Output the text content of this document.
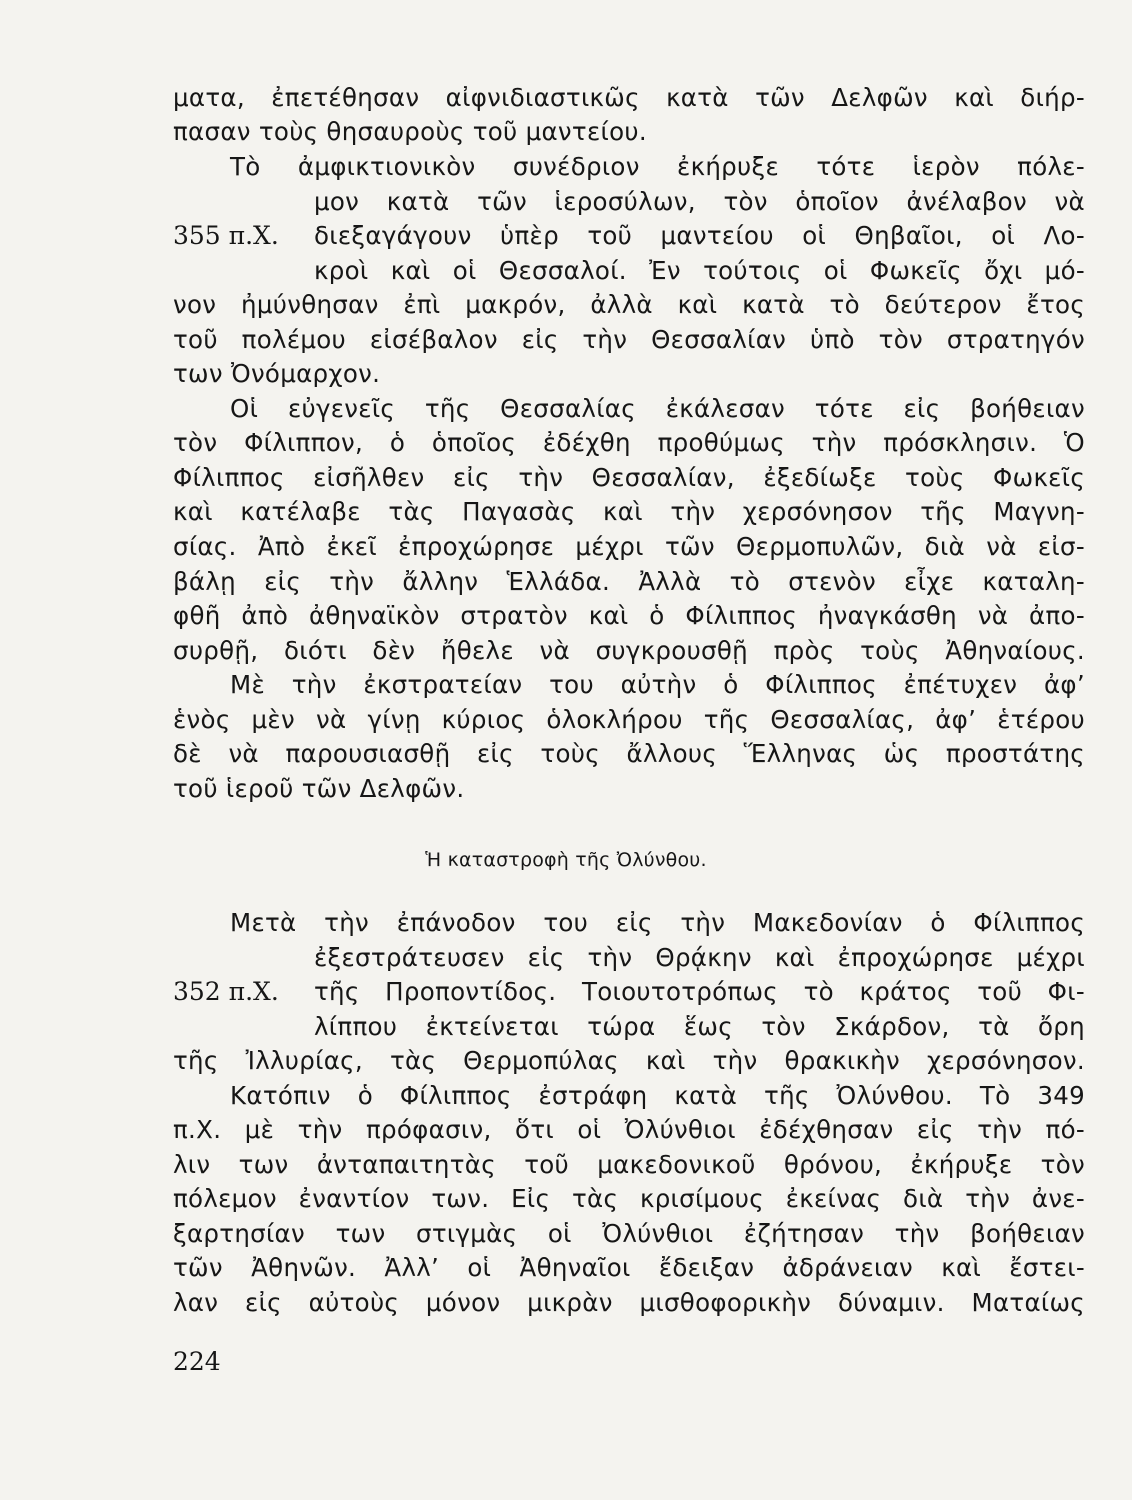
ματα, ἐπετέθησαν αἰφνιδιαστικῶς κατὰ τῶν Δελφῶν καὶ διήρ-
πασαν τοὺς θησαυροὺς τοῦ μαντείου.
Τὸ ἀμφικτιονικὸν συνέδριον ἐκήρυξε τότε ἱερὸν πόλε-
μον κατὰ τῶν ἱεροσύλων, τὸν ὁποῖον ἀνέλαβον νὰ
355 π.Χ. διεξαγάγουν ὑπὲρ τοῦ μαντείου οἱ Θηβαῖοι, οἱ Λο-
κροὶ καὶ οἱ Θεσσαλοί. Ἐν τούτοις οἱ Φωκεῖς ὄχι μό-
νον ἠμύνθησαν ἐπὶ μακρόν, ἀλλὰ καὶ κατὰ τὸ δεύτερον ἔτος
τοῦ πολέμου εἰσέβαλον εἰς τὴν Θεσσαλίαν ὑπὸ τὸν στρατηγόν
των Ὀνόμαρχον.
Οἱ εὐγενεῖς τῆς Θεσσαλίας ἐκάλεσαν τότε εἰς βοήθειαν
τὸν Φίλιππον, ὁ ὁποῖος ἐδέχθη προθύμως τὴν πρόσκλησιν. Ὁ
Φίλιππος εἰσῆλθεν εἰς τὴν Θεσσαλίαν, ἐξεδίωξε τοὺς Φωκεῖς
καὶ κατέλαβε τὰς Παγασὰς καὶ τὴν χερσόνησον τῆς Μαγνη-
σίας. Ἀπὸ ἐκεῖ ἐπροχώρησε μέχρι τῶν Θερμοπυλῶν, διὰ νὰ εἰσ-
βάλῃ εἰς τὴν ἄλλην Ἑλλάδα. Ἀλλὰ τὸ στενὸν εἶχε καταλη-
φθῆ ἀπὸ ἀθηναϊκὸν στρατὸν καὶ ὁ Φίλιππος ἠναγκάσθη νὰ ἀπο-
συρθῇ, διότι δὲν ἤθελε νὰ συγκρουσθῇ πρὸς τοὺς Ἀθηναίους.
Μὲ τὴν ἐκστρατείαν του αὐτὴν ὁ Φίλιππος ἐπέτυχεν ἀφ’
ἑνὸς μὲν νὰ γίνῃ κύριος ὁλοκλήρου τῆς Θεσσαλίας, ἀφ’ ἑτέρου
δὲ νὰ παρουσιασθῇ εἰς τοὺς ἄλλους Ἕλληνας ὡς προστάτης
τοῦ ἱεροῦ τῶν Δελφῶν.
Ἡ καταστροφὴ τῆς Ὀλύνθου.
Μετὰ τὴν ἐπάνοδον του εἰς τὴν Μακεδονίαν ὁ Φίλιππος
ἐξεστράτευσεν εἰς τὴν Θρᾴκην καὶ ἐπροχώρησε μέχρι
352 π.Χ. τῆς Προποντίδος. Τοιουτοτρόπως τὸ κράτος τοῦ Φι-
λίππου ἐκτείνεται τώρα ἕως τὸν Σκάρδον, τὰ ὄρη
τῆς Ἰλλυρίας, τὰς Θερμοπύλας καὶ τὴν θρακικὴν χερσόνησον.
Κατόπιν ὁ Φίλιππος ἐστράφη κατὰ τῆς Ὀλύνθου. Τὸ 349
π.Χ. μὲ τὴν πρόφασιν, ὅτι οἱ Ὀλύνθιοι ἐδέχθησαν εἰς τὴν πό-
λιν των ἀνταπαιτητὰς τοῦ μακεδονικοῦ θρόνου, ἐκήρυξε τὸν
πόλεμον ἐναντίον των. Εἰς τὰς κρισίμους ἐκείνας διὰ τὴν ἀνε-
ξαρτησίαν των στιγμὰς οἱ Ὀλύνθιοι ἐζήτησαν τὴν βοήθειαν
τῶν Ἀθηνῶν. Ἀλλ’ οἱ Ἀθηναῖοι ἔδειξαν ἀδράνειαν καὶ ἔστει-
λαν εἰς αὐτοὺς μόνον μικρὰν μισθοφορικὴν δύναμιν. Ματαίως
224
